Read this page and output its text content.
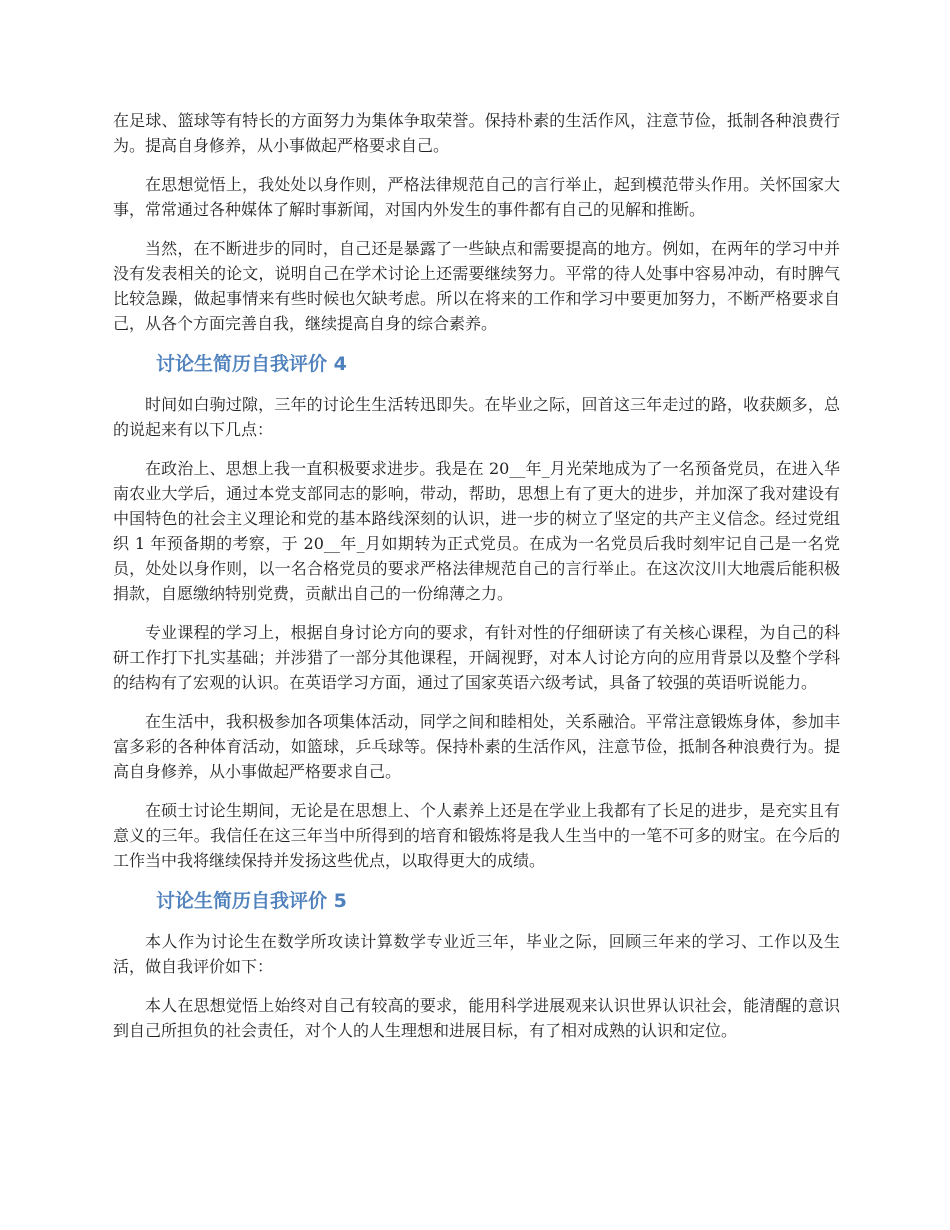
在足球、篮球等有特长的方面努力为集体争取荣誉。保持朴素的生活作风，注意节俭，抵制各种浪费行为。提高自身修养，从小事做起严格要求自己。

在思想觉悟上，我处处以身作则，严格法律规范自己的言行举止，起到模范带头作用。关怀国家大事，常常通过各种媒体了解时事新闻，对国内外发生的事件都有自己的见解和推断。

当然，在不断进步的同时，自己还是暴露了一些缺点和需要提高的地方。例如，在两年的学习中并没有发表相关的论文，说明自己在学术讨论上还需要继续努力。平常的待人处事中容易冲动，有时脾气比较急躁，做起事情来有些时候也欠缺考虑。所以在将来的工作和学习中要更加努力，不断严格要求自己，从各个方面完善自我，继续提高自身的综合素养。

讨论生简历自我评价 4

时间如白驹过隙，三年的讨论生生活转迅即失。在毕业之际，回首这三年走过的路，收获颇多，总的说起来有以下几点：

在政治上、思想上我一直积极要求进步。我是在 20__年_月光荣地成为了一名预备党员，在进入华南农业大学后，通过本党支部同志的影响，带动，帮助，思想上有了更大的进步，并加深了我对建设有中国特色的社会主义理论和党的基本路线深刻的认识，进一步的树立了坚定的共产主义信念。经过党组织 1 年预备期的考察，于 20__年_月如期转为正式党员。在成为一名党员后我时刻牢记自己是一名党员，处处以身作则，以一名合格党员的要求严格法律规范自己的言行举止。在这次汶川大地震后能积极捐款，自愿缴纳特别党费，贡献出自己的一份绵薄之力。

专业课程的学习上，根据自身讨论方向的要求，有针对性的仔细研读了有关核心课程，为自己的科研工作打下扎实基础；并涉猎了一部分其他课程，开阔视野，对本人讨论方向的应用背景以及整个学科的结构有了宏观的认识。在英语学习方面，通过了国家英语六级考试，具备了较强的英语听说能力。

在生活中，我积极参加各项集体活动，同学之间和睦相处，关系融洽。平常注意锻炼身体，参加丰富多彩的各种体育活动，如篮球，乒乓球等。保持朴素的生活作风，注意节俭，抵制各种浪费行为。提高自身修养，从小事做起严格要求自己。

在硕士讨论生期间，无论是在思想上、个人素养上还是在学业上我都有了长足的进步，是充实且有意义的三年。我信任在这三年当中所得到的培育和锻炼将是我人生当中的一笔不可多的财宝。在今后的工作当中我将继续保持并发扬这些优点，以取得更大的成绩。

讨论生简历自我评价 5

本人作为讨论生在数学所攻读计算数学专业近三年，毕业之际，回顾三年来的学习、工作以及生活，做自我评价如下：

本人在思想觉悟上始终对自己有较高的要求，能用科学进展观来认识世界认识社会，能清醒的意识到自己所担负的社会责任，对个人的人生理想和进展目标，有了相对成熟的认识和定位。
